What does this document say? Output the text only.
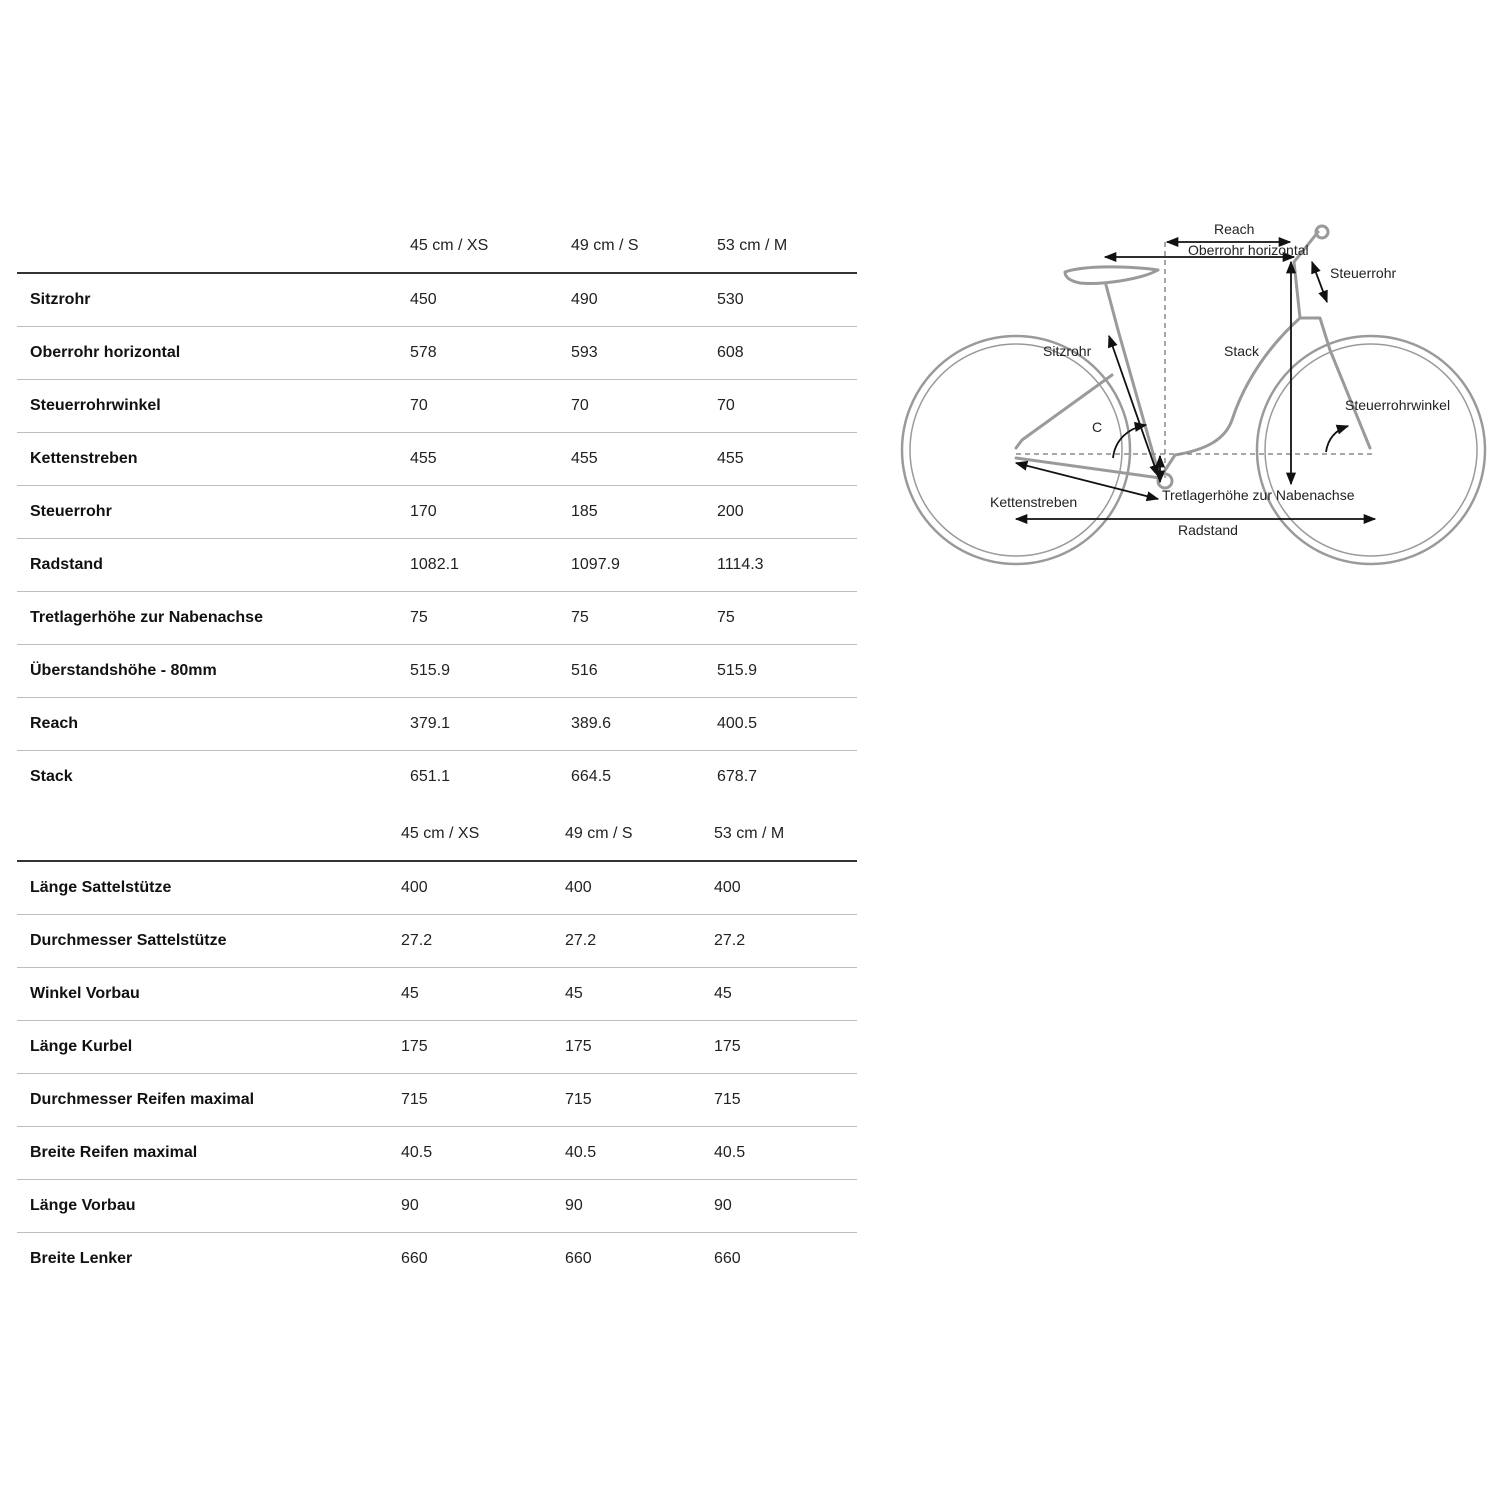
	45 cm / XS	49 cm / S	53 cm / M
Sitzrohr	450	490	530
Oberrohr horizontal	578	593	608
Steuerrohrwinkel	70	70	70
Kettenstreben	455	455	455
Steuerrohr	170	185	200
Radstand	1082.1	1097.9	1114.3
Tretlagerhöhe zur Nabenachse	75	75	75
Überstandshöhe - 80mm	515.9	516	515.9
Reach	379.1	389.6	400.5
Stack	651.1	664.5	678.7
	45 cm / XS	49 cm / S	53 cm / M
Länge Sattelstütze	400	400	400
Durchmesser Sattelstütze	27.2	27.2	27.2
Winkel Vorbau	45	45	45
Länge Kurbel	175	175	175
Durchmesser Reifen maximal	715	715	715
Breite Reifen maximal	40.5	40.5	40.5
Länge Vorbau	90	90	90
Breite Lenker	660	660	660
Reach
Oberrohr horizontal
Steuerrohr
Sitzrohr	Stack
Steuerrohrwinkel
C
Kettenstreben	Tretlagerhöhe zur Nabenachse
Radstand
